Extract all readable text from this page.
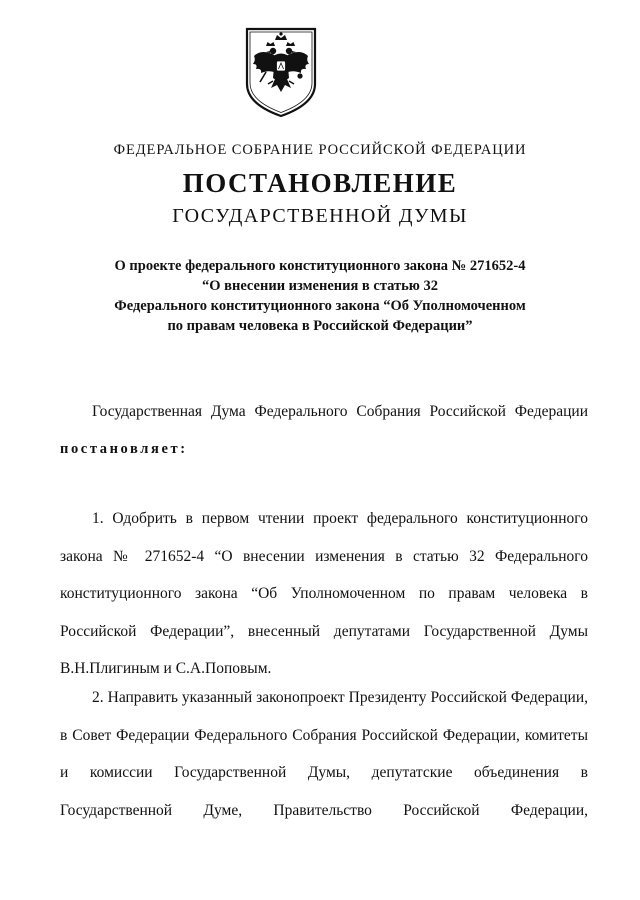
ФЕДЕРАЛЬНОЕ СОБРАНИЕ РОССИЙСКОЙ ФЕДЕРАЦИИ
ПОСТАНОВЛЕНИЕ
ГОСУДАРСТВЕННОЙ ДУМЫ
О проекте федерального конституционного закона № 271652-4
“О внесении изменения в статью 32
Федерального конституционного закона “Об Уполномоченном
по правам человека в Российской Федерации”
Государственная Дума Федерального Собрания Российской Федерации
постановляет:
1. Одобрить в первом чтении проект федерального конституционного закона № 271652-4 “О внесении изменения в статью 32 Федерального конституционного закона “Об Уполномоченном по правам человека в Российской Федерации”, внесенный депутатами Государственной Думы В.Н.Плигиным и С.А.Поповым.
2. Направить указанный законопроект Президенту Российской Федерации, в Совет Федерации Федерального Собрания Российской Федерации, комитеты и комиссии Государственной Думы, депутатские объединения в Государственной Думе, Правительство Российской Федерации,
